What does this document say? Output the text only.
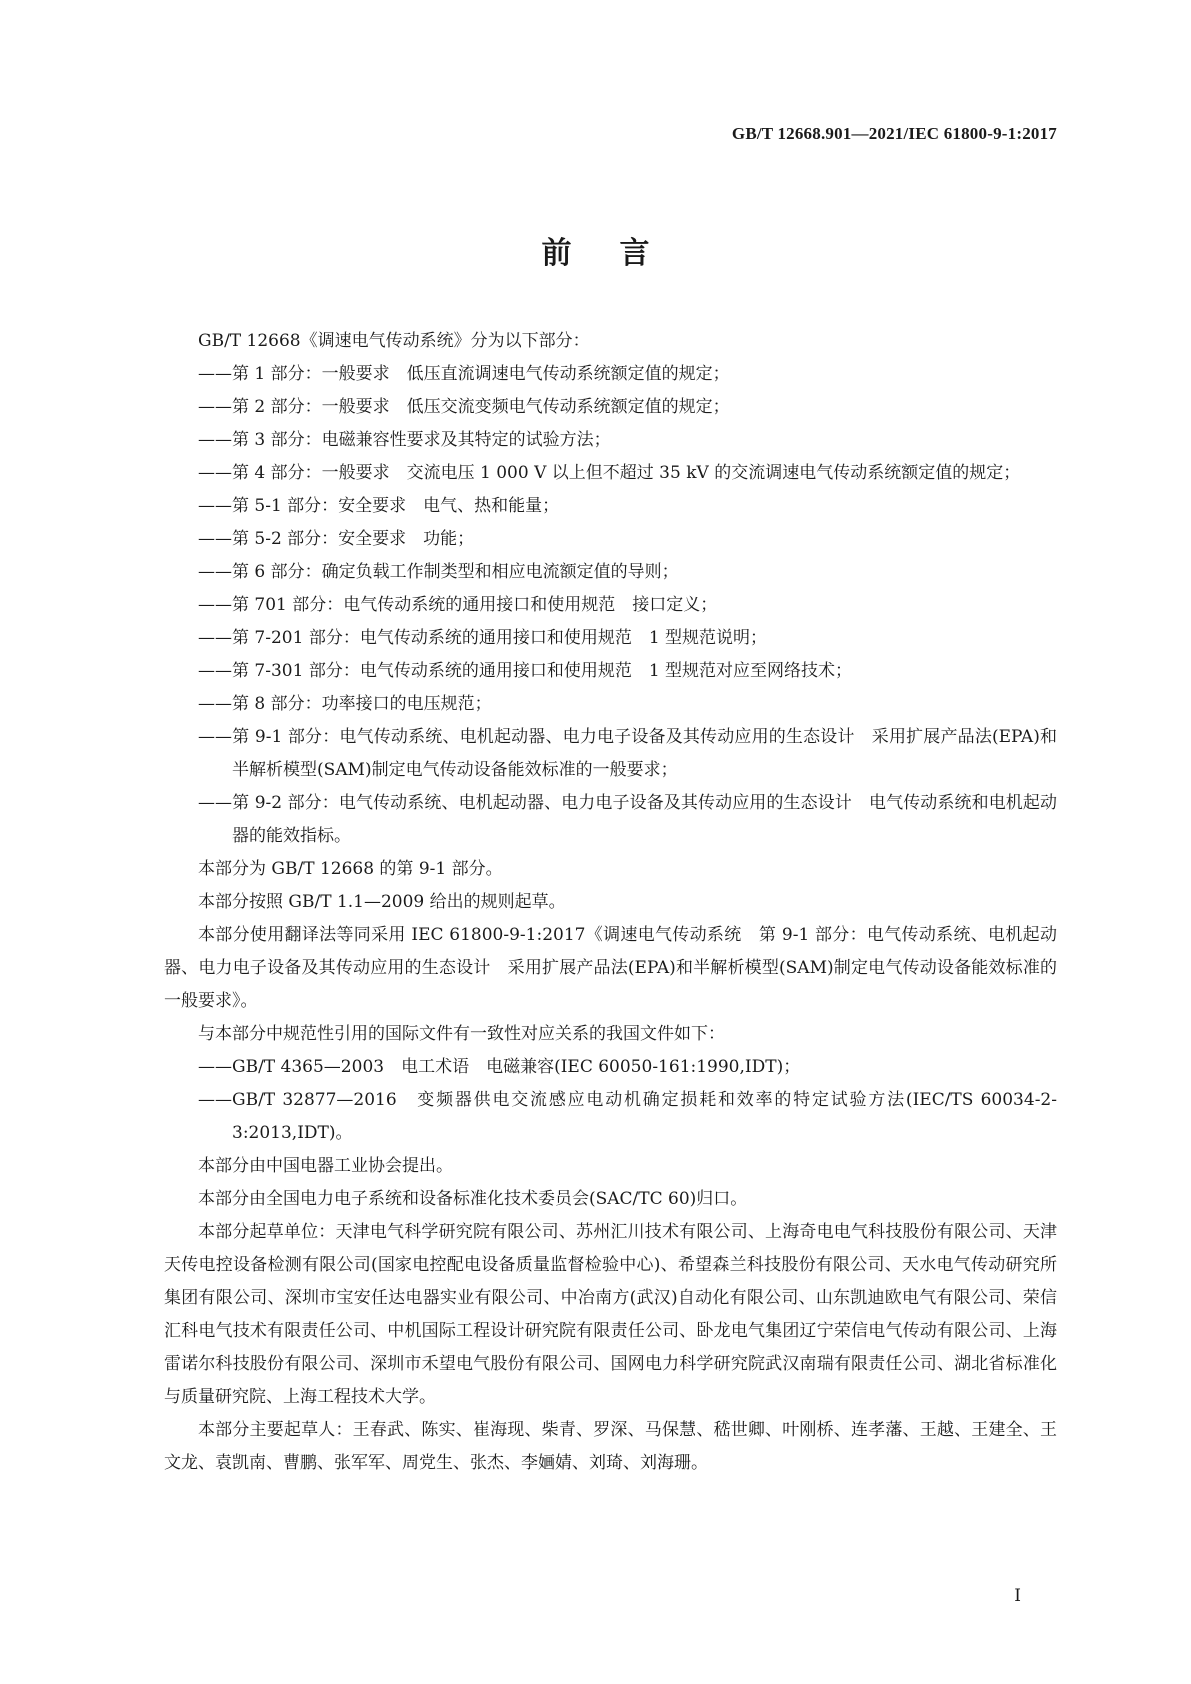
GB/T 12668.901—2021/IEC 61800-9-1:2017
前言

GB/T 12668《调速电气传动系统》分为以下部分：

——第 1 部分：一般要求　低压直流调速电气传动系统额定值的规定；

——第 2 部分：一般要求　低压交流变频电气传动系统额定值的规定；

——第 3 部分：电磁兼容性要求及其特定的试验方法；

——第 4 部分：一般要求　交流电压 1 000 V 以上但不超过 35 kV 的交流调速电气传动系统额定值的规定；

——第 5-1 部分：安全要求　电气、热和能量；

——第 5-2 部分：安全要求　功能；

——第 6 部分：确定负载工作制类型和相应电流额定值的导则；

——第 701 部分：电气传动系统的通用接口和使用规范　接口定义；

——第 7-201 部分：电气传动系统的通用接口和使用规范　1 型规范说明；

——第 7-301 部分：电气传动系统的通用接口和使用规范　1 型规范对应至网络技术；

——第 8 部分：功率接口的电压规范；

——第 9-1 部分：电气传动系统、电机起动器、电力电子设备及其传动应用的生态设计　采用扩展产品法(EPA)和半解析模型(SAM)制定电气传动设备能效标准的一般要求；

——第 9-2 部分：电气传动系统、电机起动器、电力电子设备及其传动应用的生态设计　电气传动系统和电机起动器的能效指标。

本部分为 GB/T 12668 的第 9-1 部分。

本部分按照 GB/T 1.1—2009 给出的规则起草。

本部分使用翻译法等同采用 IEC 61800-9-1:2017《调速电气传动系统　第 9-1 部分：电气传动系统、电机起动器、电力电子设备及其传动应用的生态设计　采用扩展产品法(EPA)和半解析模型(SAM)制定电气传动设备能效标准的一般要求》。

与本部分中规范性引用的国际文件有一致性对应关系的我国文件如下：

——GB/T 4365—2003　电工术语　电磁兼容(IEC 60050-161:1990,IDT)；

——GB/T 32877—2016　变频器供电交流感应电动机确定损耗和效率的特定试验方法(IEC/TS 60034-2-3:2013,IDT)。

本部分由中国电器工业协会提出。

本部分由全国电力电子系统和设备标准化技术委员会(SAC/TC 60)归口。

本部分起草单位：天津电气科学研究院有限公司、苏州汇川技术有限公司、上海奇电电气科技股份有限公司、天津天传电控设备检测有限公司(国家电控配电设备质量监督检验中心)、希望森兰科技股份有限公司、天水电气传动研究所集团有限公司、深圳市宝安任达电器实业有限公司、中冶南方(武汉)自动化有限公司、山东凯迪欧电气有限公司、荣信汇科电气技术有限责任公司、中机国际工程设计研究院有限责任公司、卧龙电气集团辽宁荣信电气传动有限公司、上海雷诺尔科技股份有限公司、深圳市禾望电气股份有限公司、国网电力科学研究院武汉南瑞有限责任公司、湖北省标准化与质量研究院、上海工程技术大学。

本部分主要起草人：王春武、陈实、崔海现、柴青、罗深、马保慧、嵇世卿、叶刚桥、连孝藩、王越、王建全、王文龙、袁凯南、曹鹏、张军军、周党生、张杰、李婳婧、刘琦、刘海珊。

I
